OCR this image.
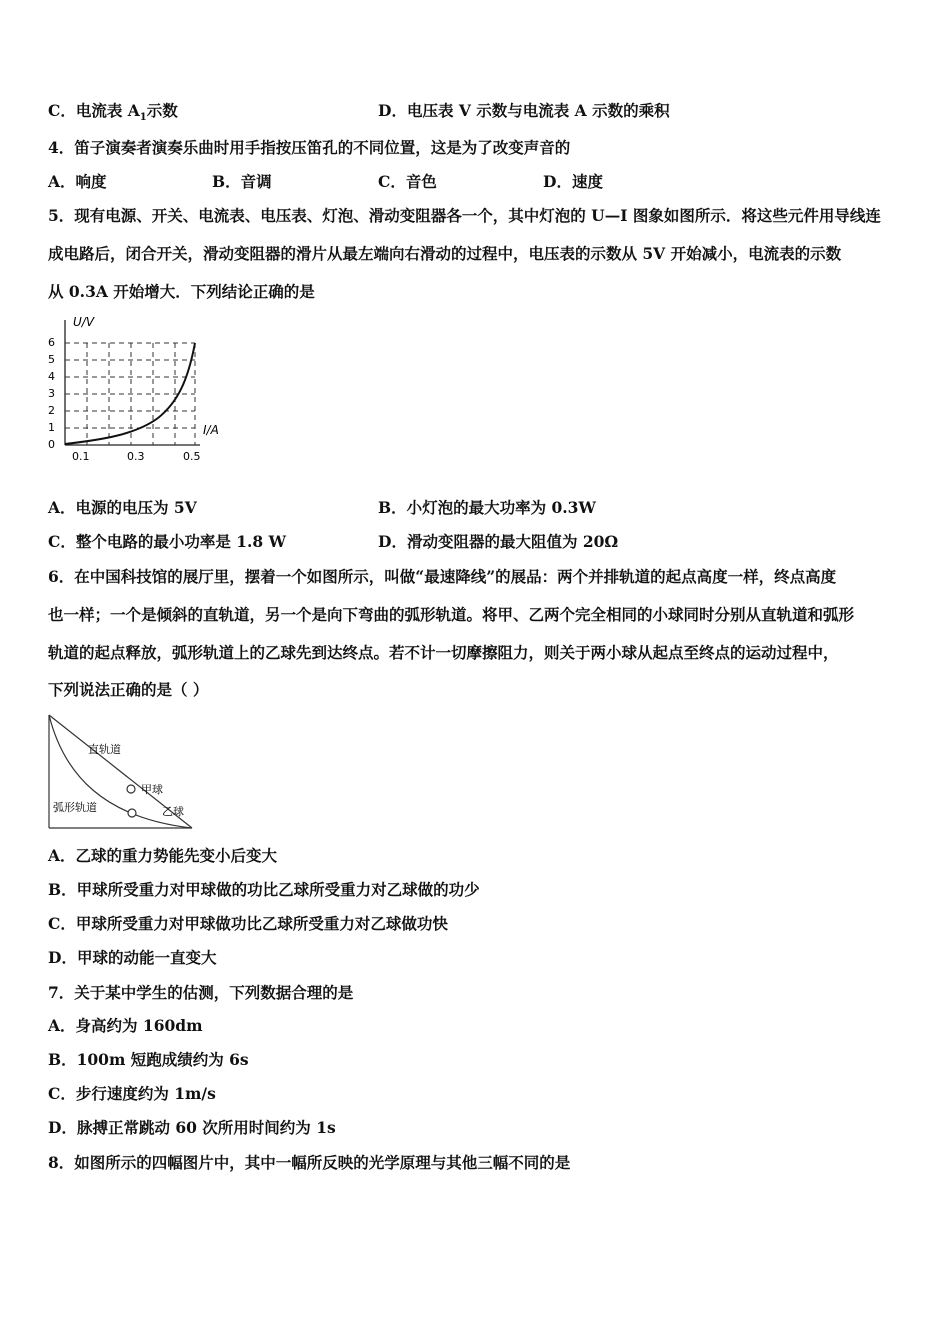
C．电流表 $A_1$示数	D．电压表 V 示数与电流表 A 示数的乘积
4．笛子演奏者演奏乐曲时用手指按压笛孔的不同位置，这是为了改变声音的
A．响度	B．音调	C．音色	D．速度
5．现有电源、开关、电流表、电压表、灯泡、滑动变阻器各一个，其中灯泡的 U—I 图象如图所示．将这些元件用导线连
成电路后，闭合开关，滑动变阻器的滑片从最左端向右滑动的过程中，电压表的示数从 5V 开始减小，电流表的示数
从 0.3A 开始增大．下列结论正确的是
U/V
I/A
6
5
4
3
2
1
0
0.1	0.3	0.5
A．电源的电压为 5V	B．小灯泡的最大功率为 0.3W
C．整个电路的最小功率是 1.8 W	D．滑动变阻器的最大阻值为 20Ω
6．在中国科技馆的展厅里，摆着一个如图所示，叫做“最速降线”的展品：两个并排轨道的起点高度一样，终点高度
也一样；一个是倾斜的直轨道，另一个是向下弯曲的弧形轨道。将甲、乙两个完全相同的小球同时分别从直轨道和弧形
轨道的起点释放，弧形轨道上的乙球先到达终点。若不计一切摩擦阻力，则关于两小球从起点至终点的运动过程中，
下列说法正确的是（ ）
直轨道
甲球
弧形轨道	乙球
A．乙球的重力势能先变小后变大
B．甲球所受重力对甲球做的功比乙球所受重力对乙球做的功少
C．甲球所受重力对甲球做功比乙球所受重力对乙球做功快
D．甲球的动能一直变大
7．关于某中学生的估测，下列数据合理的是
A．身高约为 160dm
B．100m 短跑成绩约为 6s
C．步行速度约为 1m/s
D．脉搏正常跳动 60 次所用时间约为 1s
8．如图所示的四幅图片中，其中一幅所反映的光学原理与其他三幅不同的是
